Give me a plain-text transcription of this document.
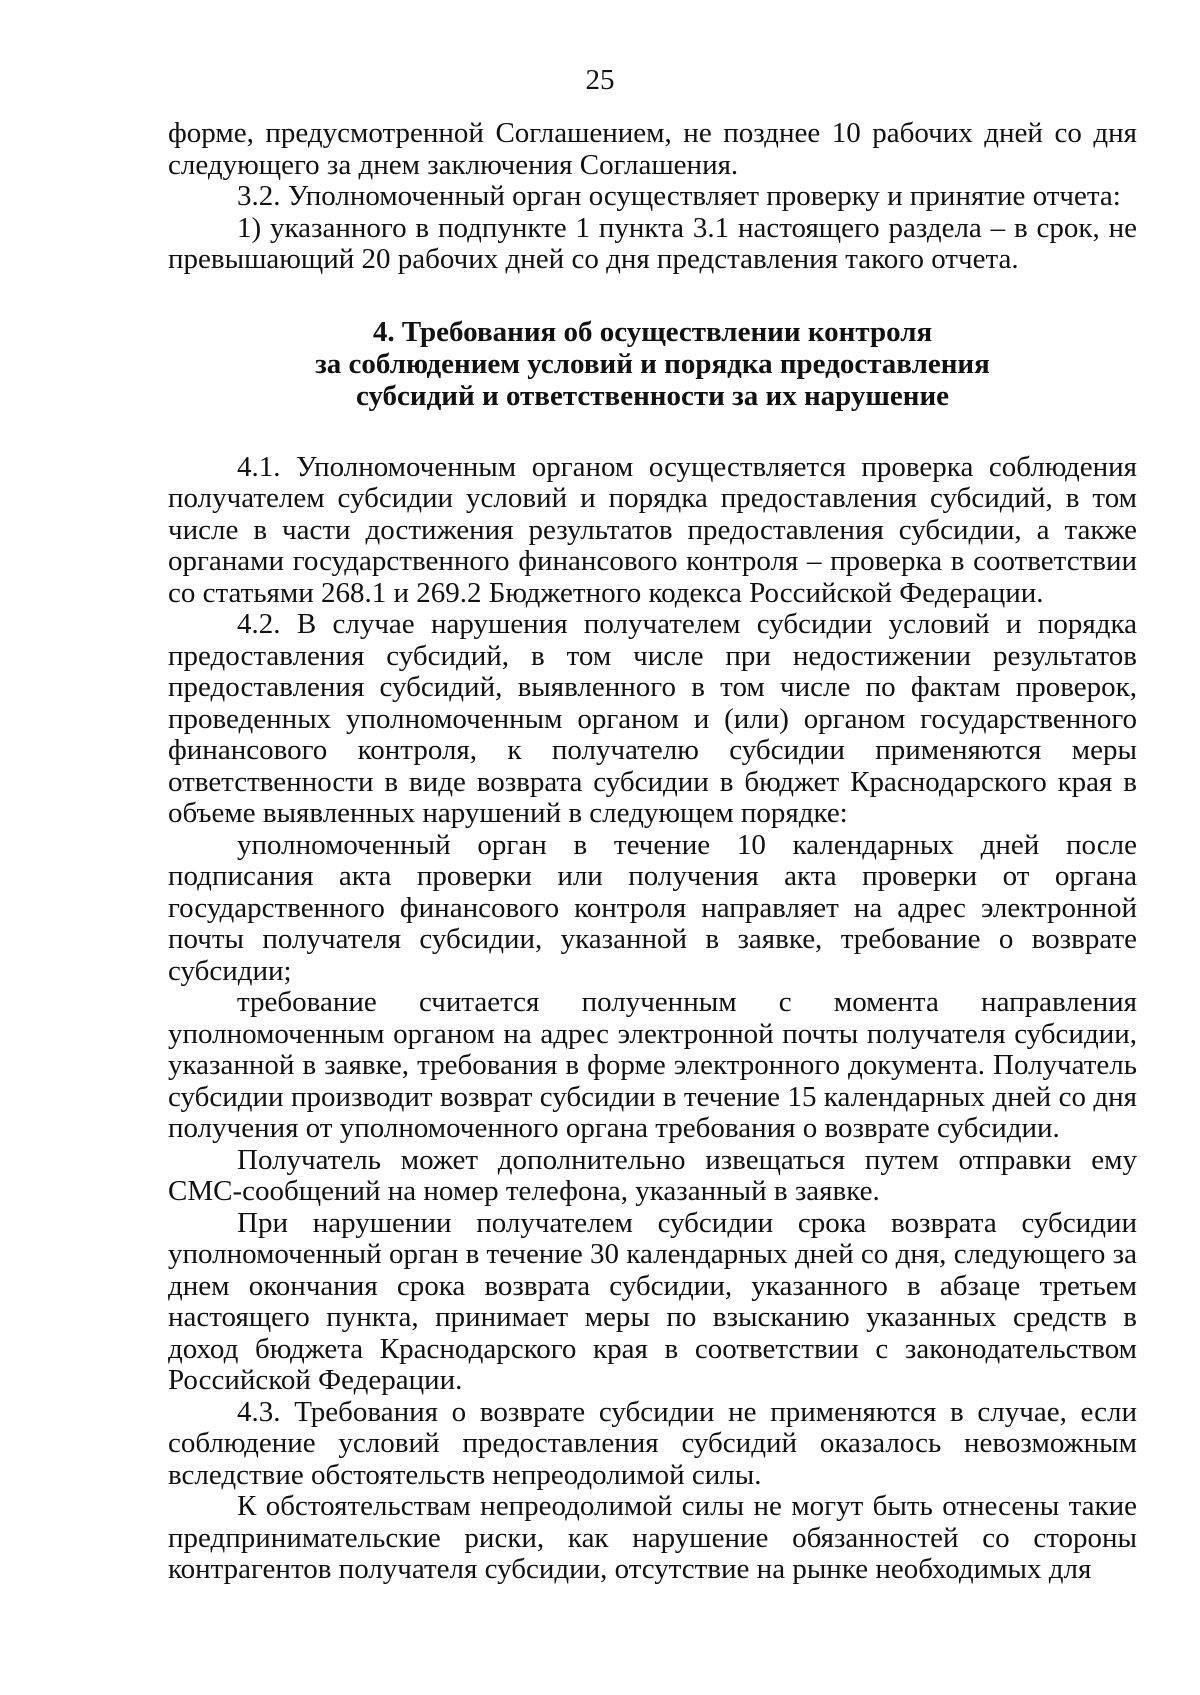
25

форме, предусмотренной Соглашением, не позднее 10 рабочих дней со дня следующего за днем заключения Соглашения.

3.2. Уполномоченный орган осуществляет проверку и принятие отчета:

1) указанного в подпункте 1 пункта 3.1 настоящего раздела – в срок, не превышающий 20 рабочих дней со дня представления такого отчета.

4. Требования об осуществлении контроля
за соблюдением условий и порядка предоставления
субсидий и ответственности за их нарушение

4.1. Уполномоченным органом осуществляется проверка соблюдения получателем субсидии условий и порядка предоставления субсидий, в том числе в части достижения результатов предоставления субсидии, а также органами государственного финансового контроля – проверка в соответствии со статьями 268.1 и 269.2 Бюджетного кодекса Российской Федерации.

4.2. В случае нарушения получателем субсидии условий и порядка предоставления субсидий, в том числе при недостижении результатов предоставления субсидий, выявленного в том числе по фактам проверок, проведенных уполномоченным органом и (или) органом государственного финансового контроля, к получателю субсидии применяются меры ответственности в виде возврата субсидии в бюджет Краснодарского края в объеме выявленных нарушений в следующем порядке:

уполномоченный орган в течение 10 календарных дней после подписания акта проверки или получения акта проверки от органа государственного финансового контроля направляет на адрес электронной почты получателя субсидии, указанной в заявке, требование о возврате субсидии;

требование считается полученным с момента направления уполномоченным органом на адрес электронной почты получателя субсидии, указанной в заявке, требования в форме электронного документа. Получатель субсидии производит возврат субсидии в течение 15 календарных дней со дня получения от уполномоченного органа требования о возврате субсидии.

Получатель может дополнительно извещаться путем отправки ему СМС-сообщений на номер телефона, указанный в заявке.

При нарушении получателем субсидии срока возврата субсидии уполномоченный орган в течение 30 календарных дней со дня, следующего за днем окончания срока возврата субсидии, указанного в абзаце третьем настоящего пункта, принимает меры по взысканию указанных средств в доход бюджета Краснодарского края в соответствии с законодательством Российской Федерации.

4.3. Требования о возврате субсидии не применяются в случае, если соблюдение условий предоставления субсидий оказалось невозможным вследствие обстоятельств непреодолимой силы.

К обстоятельствам непреодолимой силы не могут быть отнесены такие предпринимательские риски, как нарушение обязанностей со стороны контрагентов получателя субсидии, отсутствие на рынке необходимых для
